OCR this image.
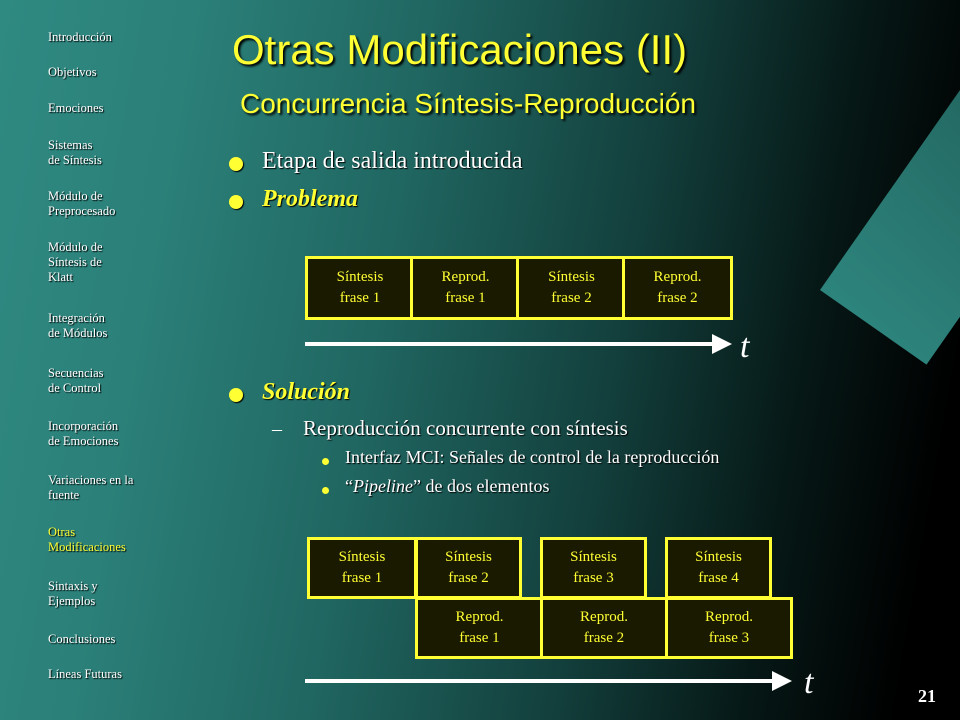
Introducción
Objetivos
Emociones
Sistemas
de Síntesis
Módulo de
Preprocesado
Módulo de
Síntesis de
Klatt
Integración
de Módulos
Secuencias
de Control
Incorporación
de Emociones
Variaciones en la
fuente
Otras
Modificaciones
Sintaxis y
Ejemplos
Conclusiones
Líneas Futuras
Otras Modificaciones (II)
Concurrencia Síntesis-Reproducción
Etapa de salida introducida
Problema
Síntesis
frase 1
Reprod.
frase 1
Síntesis
frase 2
Reprod.
frase 2
t
Solución
– Reproducción concurrente con síntesis
Interfaz MCI: Señales de control de la reproducción
“Pipeline” de dos elementos
Síntesis
frase 1
Síntesis
frase 2
Síntesis
frase 3
Síntesis
frase 4
Reprod.
frase 1
Reprod.
frase 2
Reprod.
frase 3
t	21
